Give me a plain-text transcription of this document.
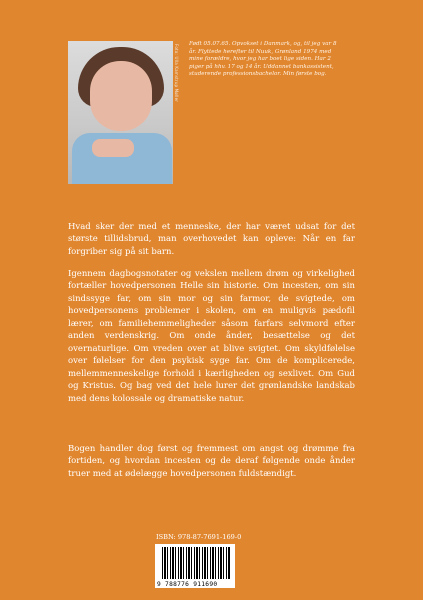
Foto: Ulla Kamstrup Møller Født 05.07.65. Opvokset i Danmark, og, til jeg var 8 år. Flyttede herefter til Nuuk, Grønland 1974 med mine forældre, hvor jeg har boet lige siden. Har 2 piger på hhv. 17 og 14 år. Uddannet bankassistent, studerende professionsbachelor. Min første bog.

Hvad sker der med et menneske, der har været udsat for det største tillidsbrud, man overhovedet kan opleve: Når en far forgriber sig på sit barn.

Igennem dagbogsnotater og vekslen mellem drøm og virkelighed fortæller hovedpersonen Helle sin historie. Om incesten, om sin sindssyge far, om sin mor og sin farmor, de svigtede, om hovedpersonens problemer i skolen, om en muligvis pædofil lærer, om familiehemmeligheder såsom farfars selvmord efter anden verdenskrig. Om onde ånder, besættelse og det overnaturlige. Om vreden over at blive svigtet. Om skyldfølelse over følelser for den psykisk syge far. Om de komplicerede, mellemmenneskelige forhold i kærligheden og sexlivet. Om Gud og Kristus. Og bag ved det hele lurer det grønlandske landskab med dens kolossale og dramatiske natur.

Bogen handler dog først og fremmest om angst og drømme fra fortiden, og hvordan incesten og de deraf følgende onde ånder truer med at ødelægge hovedpersonen fuldstændigt.

ISBN: 978-87-7691-169-0
9 788776 911690
